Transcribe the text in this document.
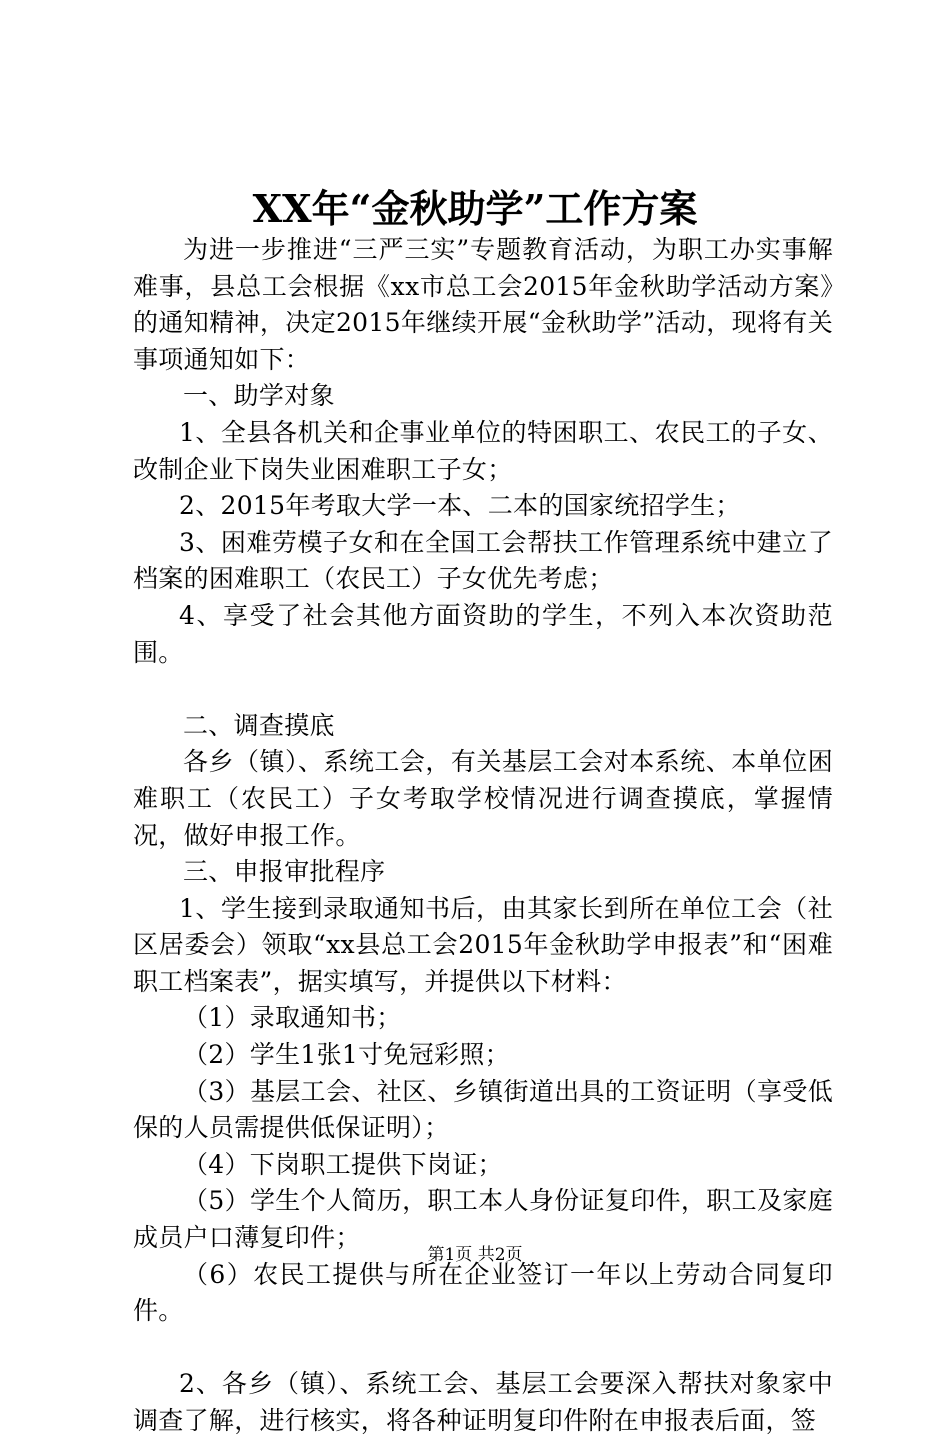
XX年“金秋助学”工作方案

为进一步推进“三严三实”专题教育活动，为职工办实事解难事，县总工会根据《xx市总工会2015年金秋助学活动方案》的通知精神，决定2015年继续开展“金秋助学”活动，现将有关事项通知如下：

一、助学对象

1、全县各机关和企事业单位的特困职工、农民工的子女、改制企业下岗失业困难职工子女；

2、2015年考取大学一本、二本的国家统招学生；

3、困难劳模子女和在全国工会帮扶工作管理系统中建立了档案的困难职工（农民工）子女优先考虑；

4、享受了社会其他方面资助的学生，不列入本次资助范围。

二、调查摸底

各乡（镇）、系统工会，有关基层工会对本系统、本单位困难职工（农民工）子女考取学校情况进行调查摸底，掌握情况，做好申报工作。

三、申报审批程序

1、学生接到录取通知书后，由其家长到所在单位工会（社区居委会）领取“xx县总工会2015年金秋助学申报表”和“困难职工档案表”，据实填写，并提供以下材料：

（1）录取通知书；

（2）学生1张1寸免冠彩照；

（3）基层工会、社区、乡镇街道出具的工资证明（享受低保的人员需提供低保证明）；

（4）下岗职工提供下岗证；

（5）学生个人简历，职工本人身份证复印件，职工及家庭成员户口薄复印件；

（6）农民工提供与所在企业签订一年以上劳动合同复印件。

2、各乡（镇）、系统工会、基层工会要深入帮扶对象家中调查了解，进行核实，将各种证明复印件附在申报表后面，签

第1页 共2页
